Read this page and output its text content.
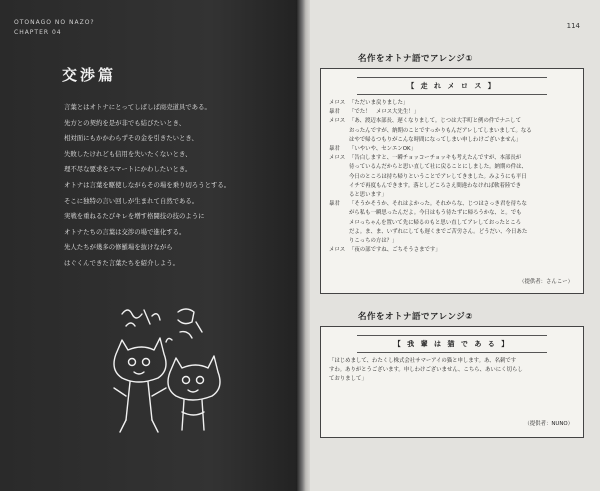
OTONAGO NO NAZO?
CHAPTER 04
交渉篇
言葉とはオトナにとってしばしば商売道具である。
先方との契約を是が非でも結びたいとき、
相対面にもかかわらずその金を引きたいとき、
失敗したけれども信用を失いたくないとき、
理不尽な要求をスマートにかわしたいとき。
オトナは言葉を駆使しながらその場を乗り切ろうとする。
そこに独特の言い回しが生まれて自然である。
実戦を重ねるたびキレを増す格闘技の技のように
オトナたちの言葉は交渉の場で進化する。
先人たちが幾多の修羅場を抜けながら
はぐくんできた言葉たちを紹介しよう。
114
名作をオトナ語でアレンジ①
【 走 れ メ ロ ス 】
メロス 「ただいま戻りました」
暴君	「でた！　メロス大先生！」
メロス 「あ、渡辺本部長、遅くなりまして。じつは大手町と例の件でナニして
おったんですが、納期のことですっかりもんだアレしてしまいまして。なる
はやで帰るつもりがこんな時間になってしまい申しわけございません」
暴君	「いやいや、センエンOK」
メロス 「告白しますと、一瞬チョッコーチョッキも考えたんですが、本部長が
待っているんだからと思い直して社に戻ることにしました。納期の件は、
今日のところは持ち帰りということでアレしてきました。みようにも平日
イチで再度もんできます。落としどころさえ間違わなければ軟着陸でき
ると思います」
暴君	「そうかそうか、それはよかった。それからな、じつはさっき君を待ちな
がら私も一瞬思ったんだよ。今日はもう待たずに帰ろうかな、と。でも
メロっちゃんを置いて先に帰るのもと思い直してアレしておったところ
だよ。ま、ま、いずれにしても遅くまでご苦労さん。どうだい、今日あた
りこっちの方は？」
メロス 「夜の部ですね、ごちそうさまです」
（提供者：さんこー）
名作をオトナ語でアレンジ②
【 我 輩 は 猫 で あ る 】
「はじめまして、わたくし株式会社サマーアイの猫と申します。あ、名刺です
すわ。ありがとうございます。申しわけございません、こちら、あいにく切らし
ておりまして」
（提供者：NUNO）
